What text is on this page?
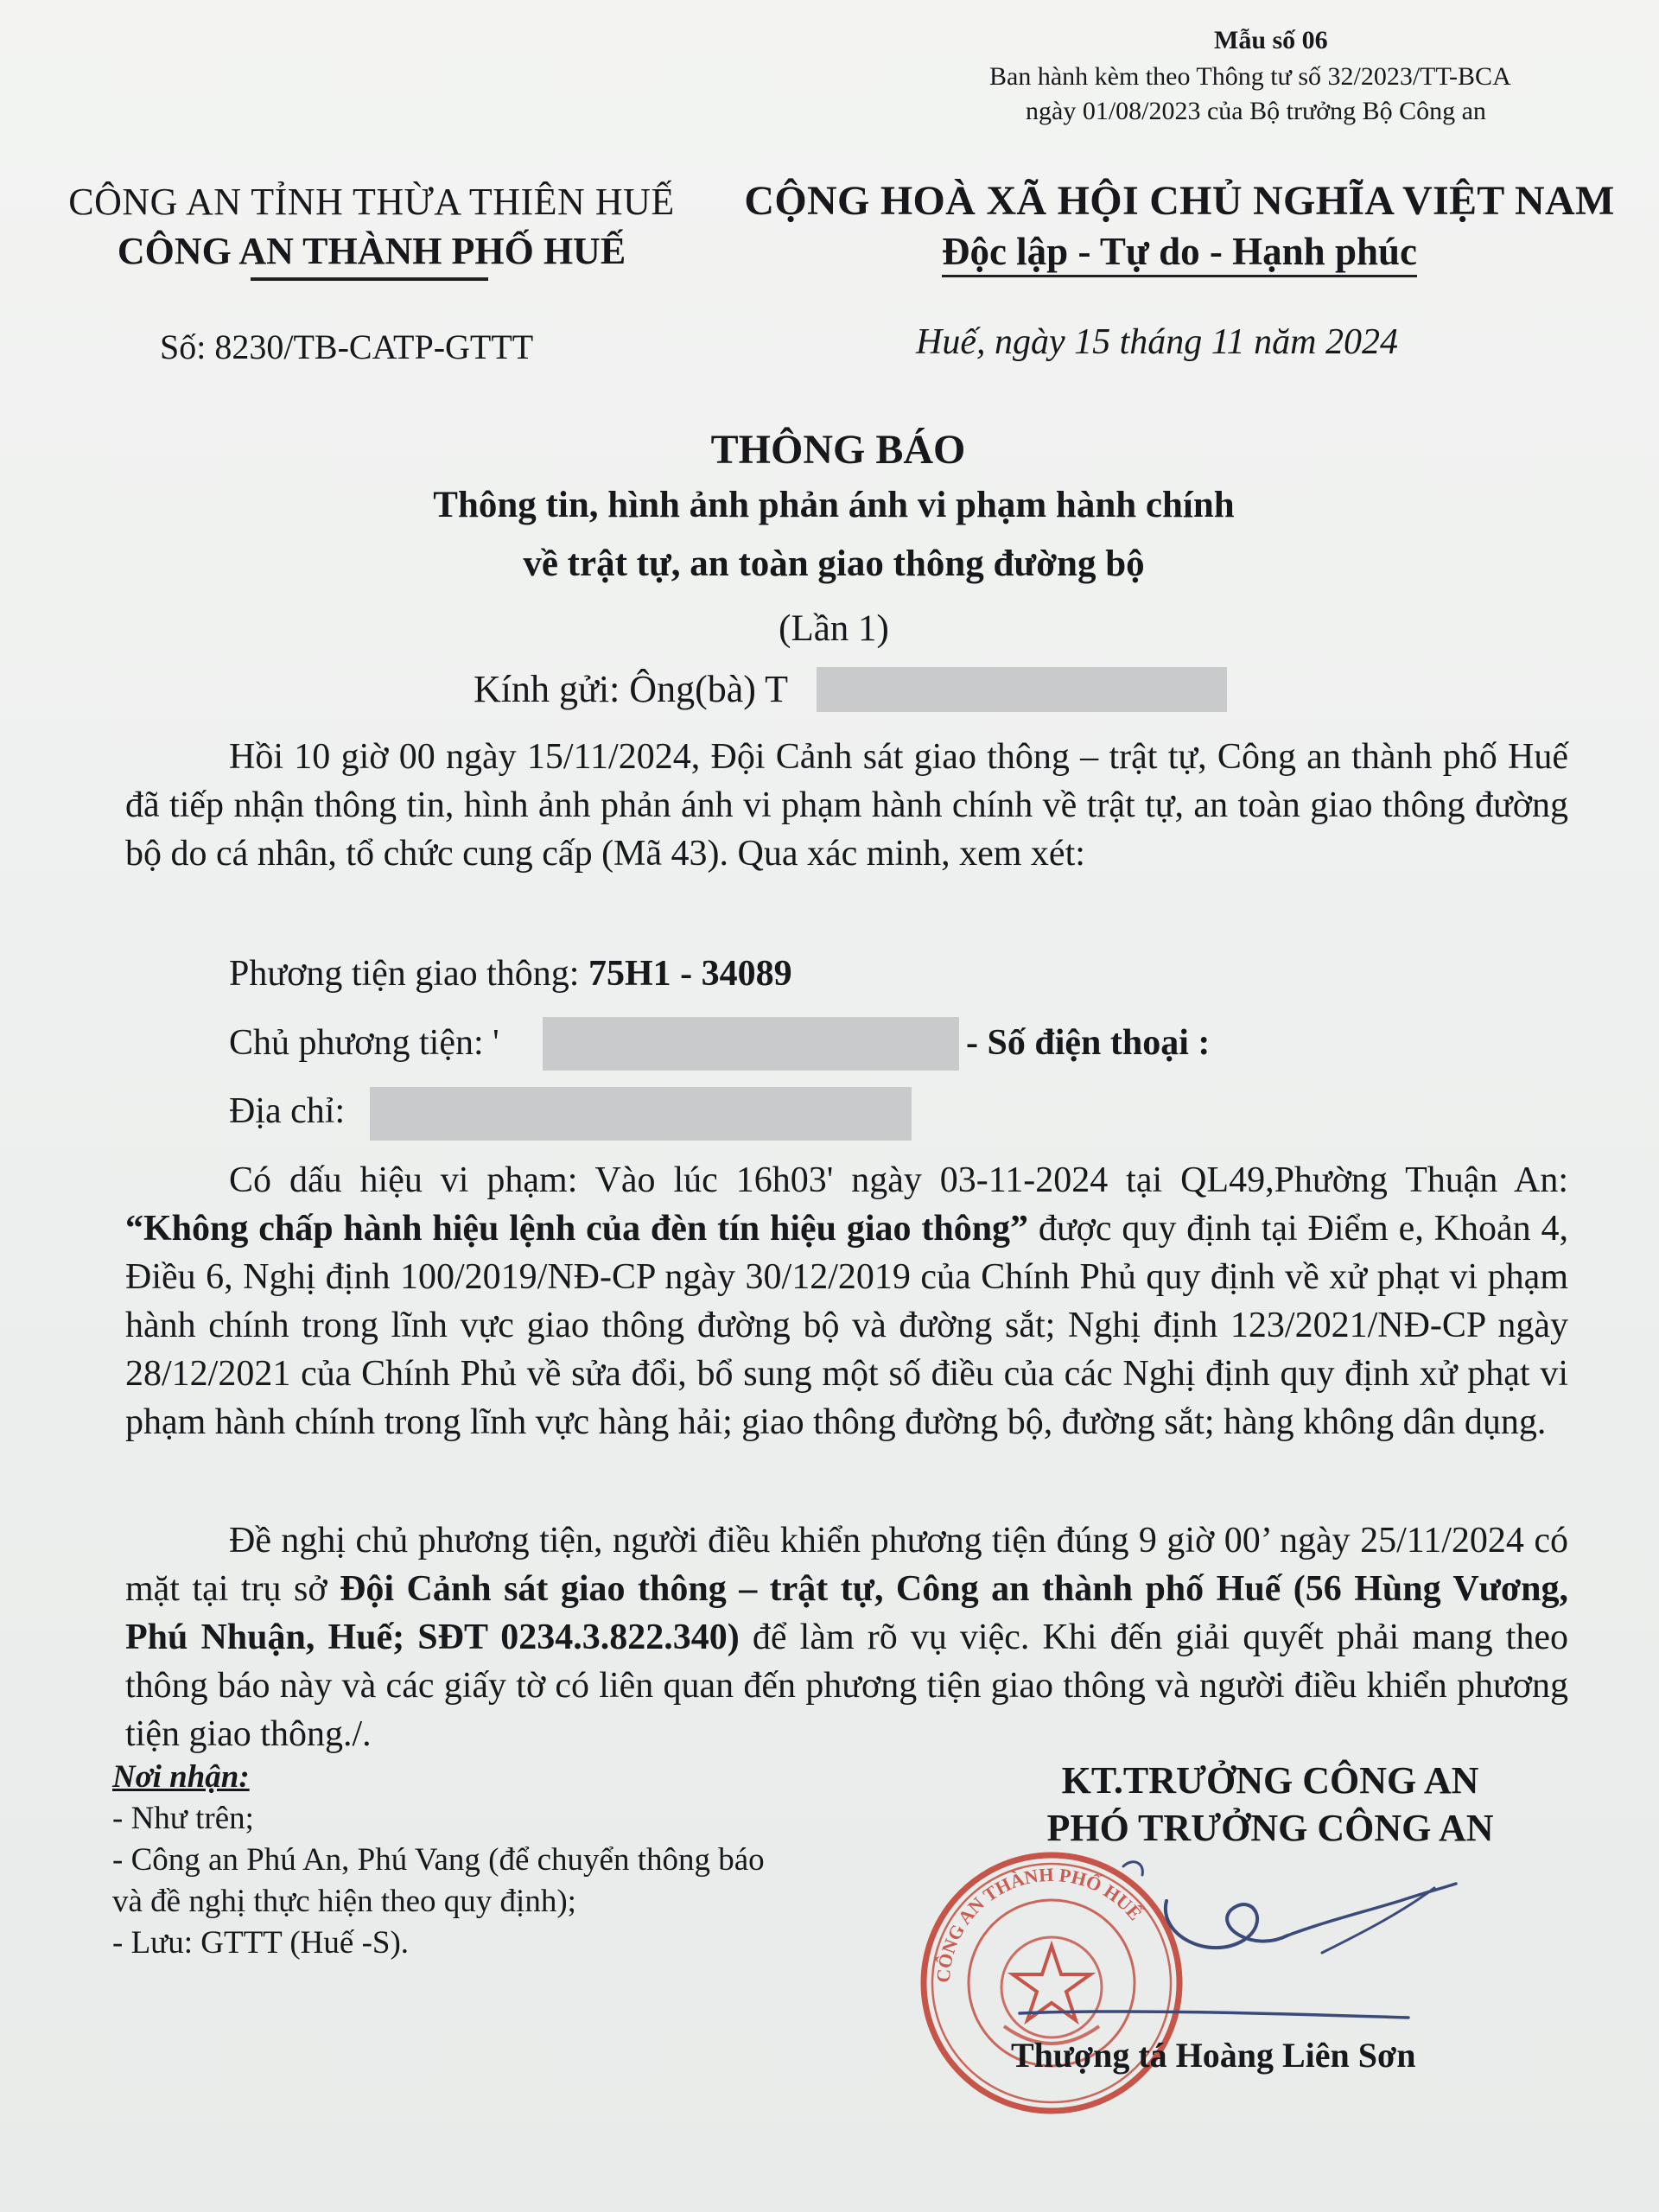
Mẫu số 06
Ban hành kèm theo Thông tư số 32/2023/TT-BCA
ngày 01/08/2023 của Bộ trưởng Bộ Công an
CÔNG AN TỈNH THỪA THIÊN HUẾ
CÔNG AN THÀNH PHỐ HUẾ
CỘNG HOÀ XÃ HỘI CHỦ NGHĨA VIỆT NAM
Độc lập - Tự do - Hạnh phúc
Số: 8230/TB-CATP-GTTT	Huế, ngày 15 tháng 11 năm 2024
THÔNG BÁO
Thông tin, hình ảnh phản ánh vi phạm hành chính
về trật tự, an toàn giao thông đường bộ
(Lần 1)
Kính gửi: Ông(bà) T
Hồi 10 giờ 00 ngày 15/11/2024, Đội Cảnh sát giao thông – trật tự, Công an thành phố Huế đã tiếp nhận thông tin, hình ảnh phản ánh vi phạm hành chính về trật tự, an toàn giao thông đường bộ do cá nhân, tổ chức cung cấp (Mã 43). Qua xác minh, xem xét:
Phương tiện giao thông: 75H1 - 34089
Chủ phương tiện: '	- Số điện thoại :
Địa chỉ:
Có dấu hiệu vi phạm: Vào lúc 16h03' ngày 03-11-2024 tại QL49,Phường Thuận An: “Không chấp hành hiệu lệnh của đèn tín hiệu giao thông” được quy định tại Điểm e, Khoản 4, Điều 6, Nghị định 100/2019/NĐ-CP ngày 30/12/2019 của Chính Phủ quy định về xử phạt vi phạm hành chính trong lĩnh vực giao thông đường bộ và đường sắt; Nghị định 123/2021/NĐ-CP ngày 28/12/2021 của Chính Phủ về sửa đổi, bổ sung một số điều của các Nghị định quy định xử phạt vi phạm hành chính trong lĩnh vực hàng hải; giao thông đường bộ, đường sắt; hàng không dân dụng.
Đề nghị chủ phương tiện, người điều khiển phương tiện đúng 9 giờ 00’ ngày 25/11/2024 có mặt tại trụ sở Đội Cảnh sát giao thông – trật tự, Công an thành phố Huế (56 Hùng Vương, Phú Nhuận, Huế; SĐT 0234.3.822.340) để làm rõ vụ việc. Khi đến giải quyết phải mang theo thông báo này và các giấy tờ có liên quan đến phương tiện giao thông và người điều khiển phương tiện giao thông./.
Nơi nhận:
- Như trên;
- Công an Phú An, Phú Vang (để chuyển thông báo
và đề nghị thực hiện theo quy định);
- Lưu: GTTT (Huế -S).
KT.TRƯỞNG CÔNG AN
PHÓ TRƯỞNG CÔNG AN
CÔNG AN THÀNH PHỐ HUẾ
Thượng tá Hoàng Liên Sơn
